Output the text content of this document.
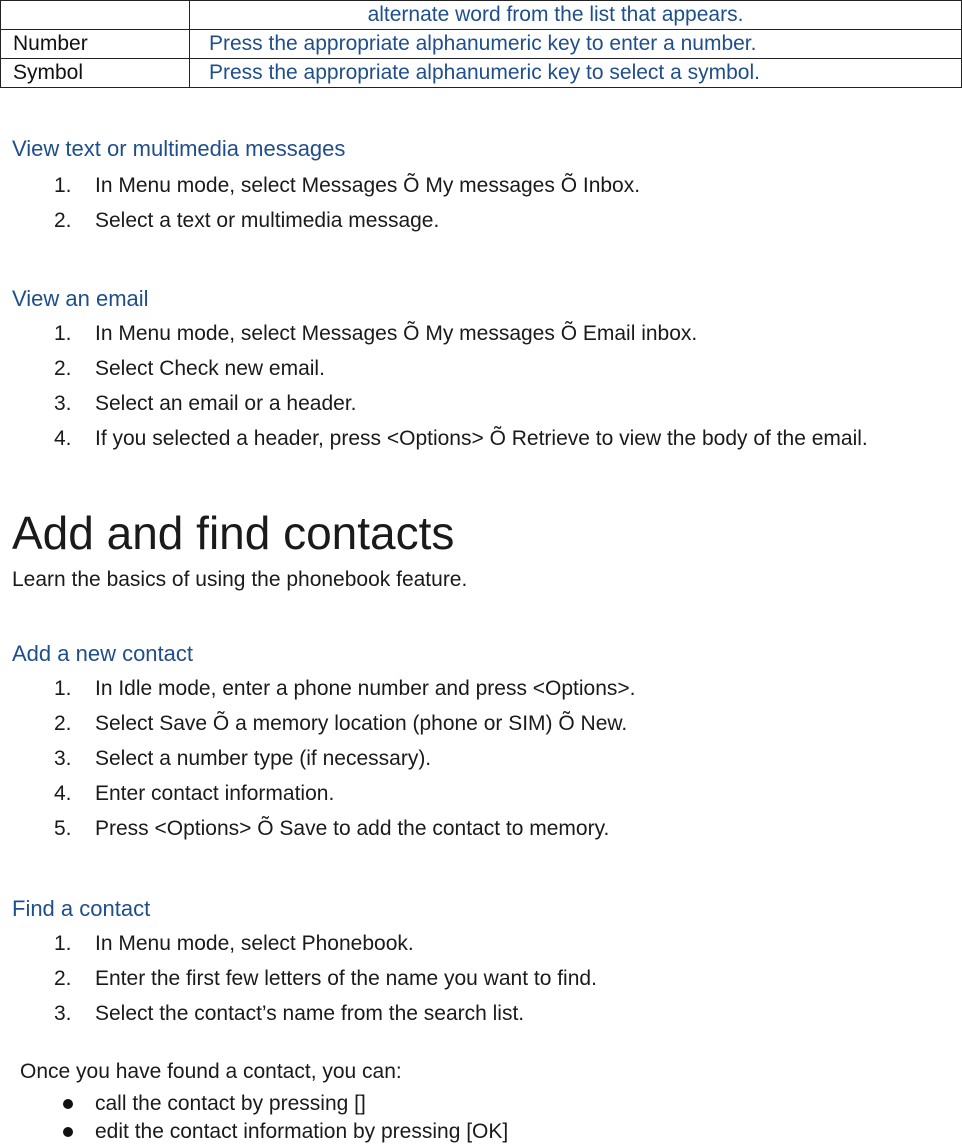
	alternate word from the list that appears.
Number	Press the appropriate alphanumeric key to enter a number.
Symbol	Press the appropriate alphanumeric key to select a symbol.
View text or multimedia messages
1. In Menu mode, select Messages Õ My messages Õ Inbox.
2. Select a text or multimedia message.
View an email
1. In Menu mode, select Messages Õ My messages Õ Email inbox.
2. Select Check new email.
3. Select an email or a header.
4. If you selected a header, press <Options> Õ Retrieve to view the body of the email.
Add and find contacts
Learn the basics of using the phonebook feature.
Add a new contact
1. In Idle mode, enter a phone number and press <Options>.
2. Select Save Õ a memory location (phone or SIM) Õ New.
3. Select a number type (if necessary).
4. Enter contact information.
5. Press <Options> Õ Save to add the contact to memory.
Find a contact
1. In Menu mode, select Phonebook.
2. Enter the first few letters of the name you want to find.
3. Select the contact’s name from the search list.
Once you have found a contact, you can:
call the contact by pressing []
edit the contact information by pressing [OK]
